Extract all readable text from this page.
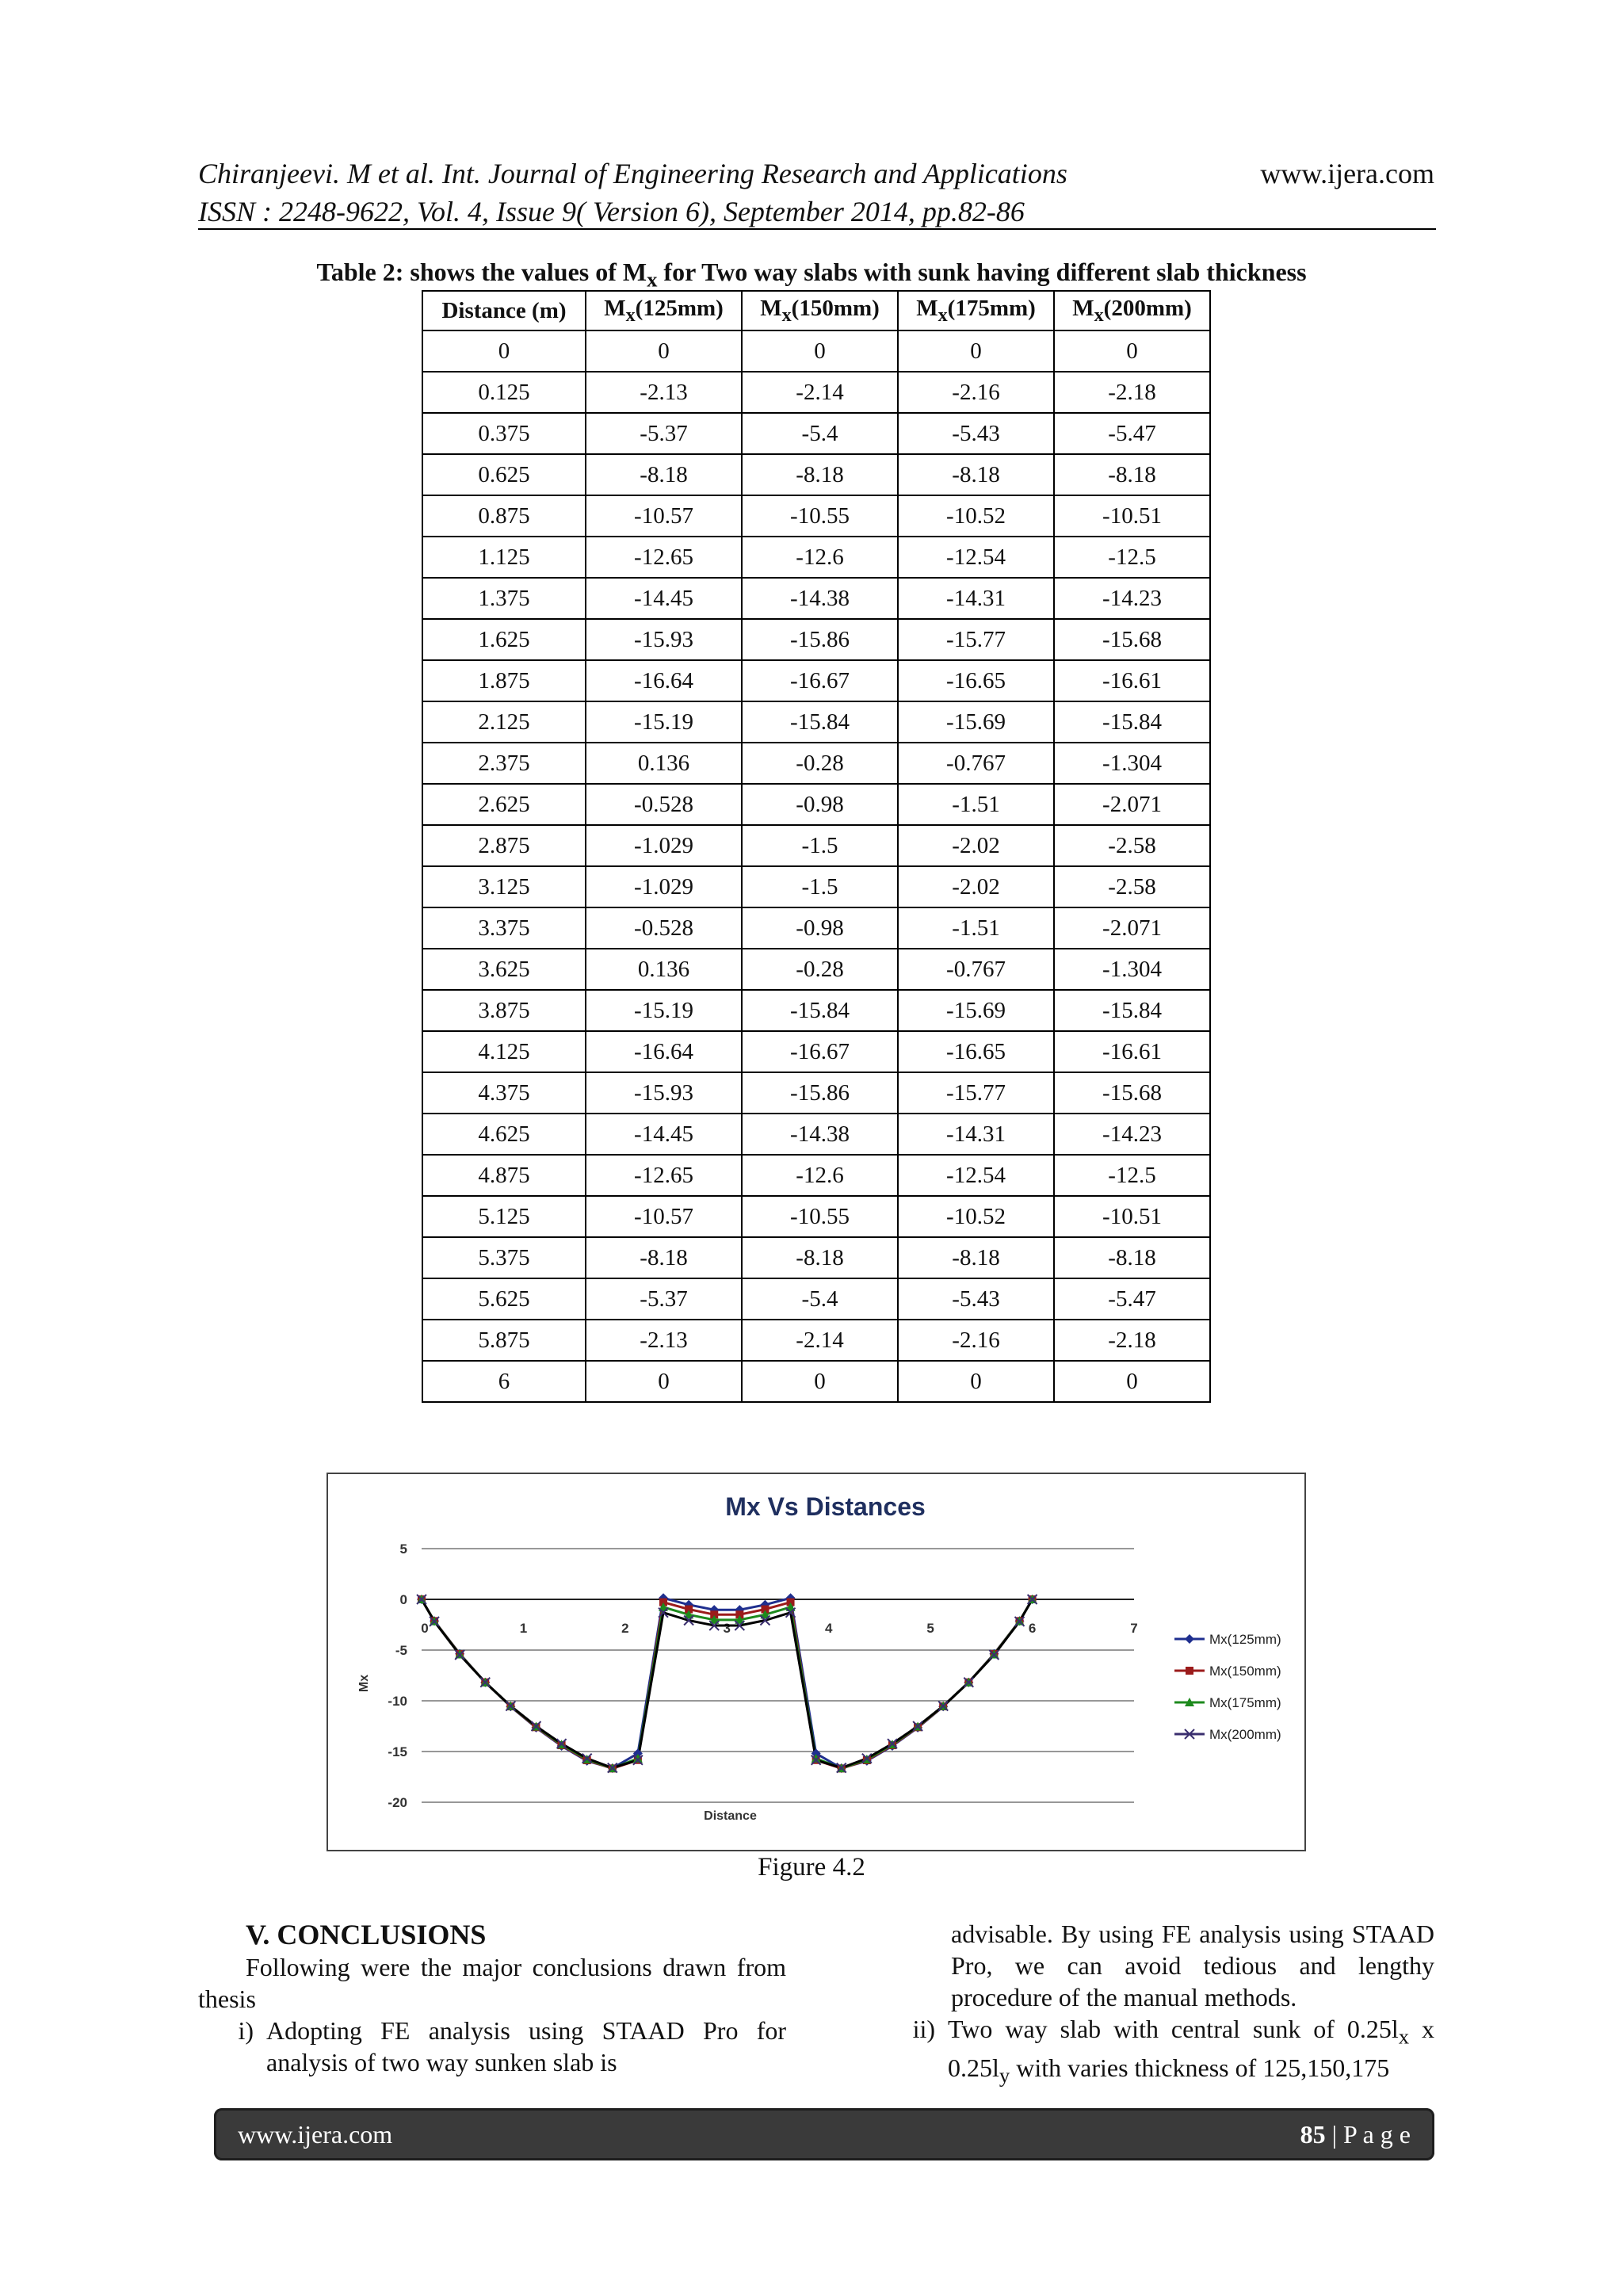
Chiranjeevi. M et al. Int. Journal of Engineering Research and Applications	www.ijera.com
ISSN : 2248-9622, Vol. 4, Issue 9( Version 6), September 2014, pp.82-86
Table 2: shows the values of $M_x$ for Two way slabs with sunk having different slab thickness
Distance (m)	$M_x(125mm)$	$M_x(150mm)$	$M_x(175mm)$	$M_x(200mm)$
0	0	0	0	0
0.125	-2.13	-2.14	-2.16	-2.18
0.375	-5.37	-5.4	-5.43	-5.47
0.625	-8.18	-8.18	-8.18	-8.18
0.875	-10.57	-10.55	-10.52	-10.51
1.125	-12.65	-12.6	-12.54	-12.5
1.375	-14.45	-14.38	-14.31	-14.23
1.625	-15.93	-15.86	-15.77	-15.68
1.875	-16.64	-16.67	-16.65	-16.61
2.125	-15.19	-15.84	-15.69	-15.84
2.375	0.136	-0.28	-0.767	-1.304
2.625	-0.528	-0.98	-1.51	-2.071
2.875	-1.029	-1.5	-2.02	-2.58
3.125	-1.029	-1.5	-2.02	-2.58
3.375	-0.528	-0.98	-1.51	-2.071
3.625	0.136	-0.28	-0.767	-1.304
3.875	-15.19	-15.84	-15.69	-15.84
4.125	-16.64	-16.67	-16.65	-16.61
4.375	-15.93	-15.86	-15.77	-15.68
4.625	-14.45	-14.38	-14.31	-14.23
4.875	-12.65	-12.6	-12.54	-12.5
5.125	-10.57	-10.55	-10.52	-10.51
5.375	-8.18	-8.18	-8.18	-8.18
5.625	-5.37	-5.4	-5.43	-5.47
5.875	-2.13	-2.14	-2.16	-2.18
6	0	0	0	0
Mx Vs Distances
5
0
-5
-10
-15
-20
1	2	3	4	5	6	7
0
Distance
Mx
Mx(125mm)
Mx(150mm)
Mx(175mm)
Mx(200mm)
Figure 4.2
V. CONCLUSIONS
Following were the major conclusions drawn from thesis
i) Adopting FE analysis using STAAD Pro for analysis of two way sunken slab is
advisable. By using FE analysis using STAAD Pro, we can avoid tedious and lengthy procedure of the manual methods.
ii) Two way slab with central sunk of $0.25l_x$ x $0.25l_y$ with varies thickness of 125,150,175
www.ijera.com	85 | P a g e
